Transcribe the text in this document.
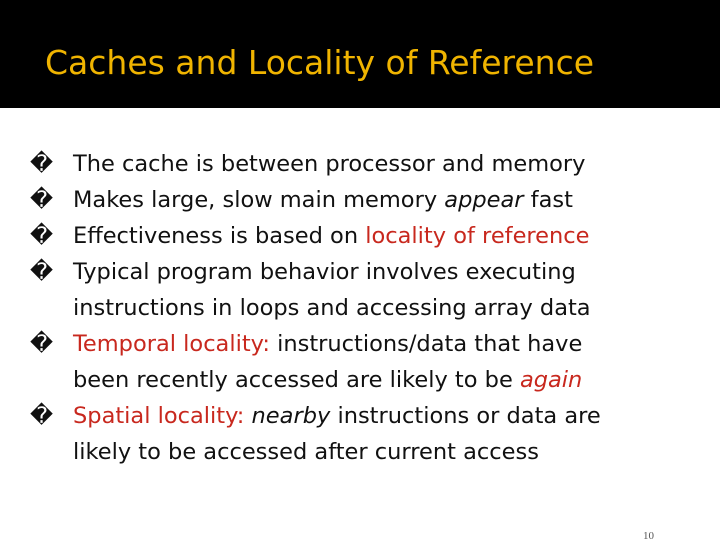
Caches and Locality of Reference
� The cache is between processor and memory
� Makes large, slow main memory appear fast
� Effectiveness is based on locality of reference
� Typical program behavior involves executing
instructions in loops and accessing array data
� Temporal locality: instructions/data that have
been recently accessed are likely to be again
� Spatial locality: nearby instructions or data are
likely to be accessed after current access
10
